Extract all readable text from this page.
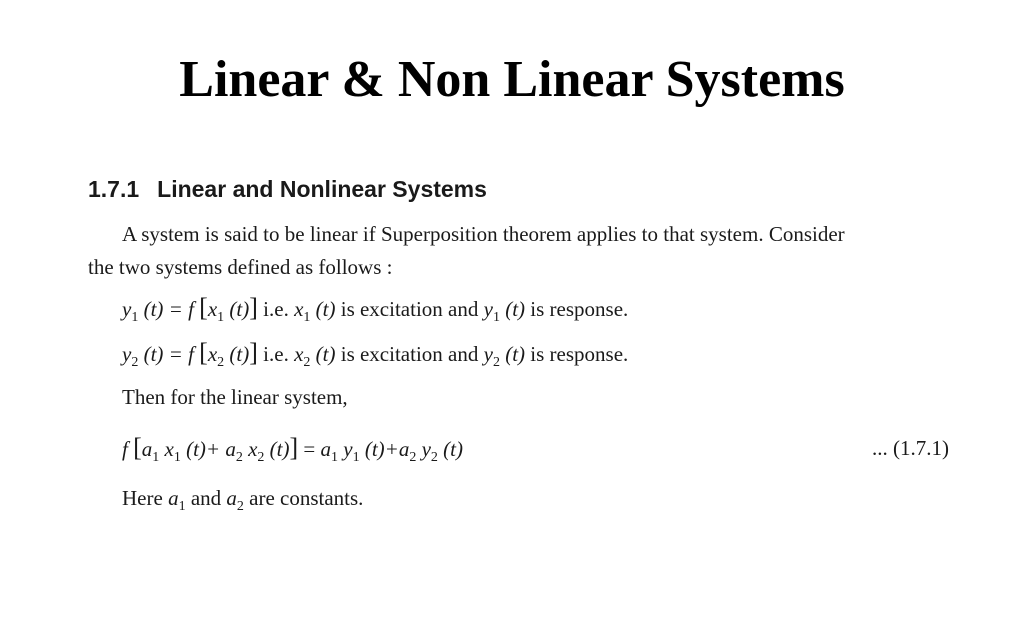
Linear & Non Linear Systems
1.7.1 Linear and Nonlinear Systems
A system is said to be linear if Superposition theorem applies to that system. Consider
the two systems defined as follows :
$y_1$ (t) = f [$x_1$ (t)] i.e. $x_1$ (t) is excitation and $y_1$ (t) is response.
$y_2$ (t) = f [$x_2$ (t)] i.e. $x_2$ (t) is excitation and $y_2$ (t) is response.
Then for the linear system,
f [$a_1$ $x_1$ $(t)+ a_2$ $x_2$ $(t)] = a_1$ $y_1$ $(t)+a_2$ $y_2$ (t)	... (1.7.1)
Here $a_1$ and $a_2$ are constants.
